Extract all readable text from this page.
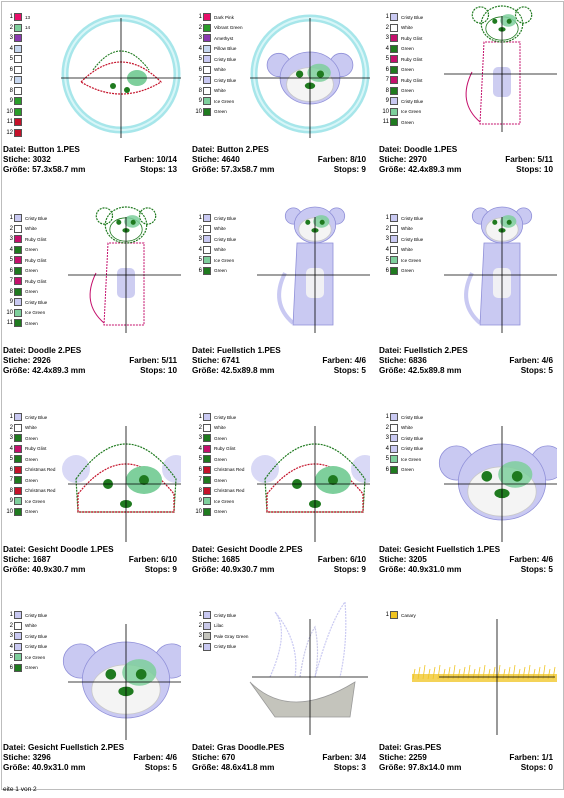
1	13
2	14
3
4
5
6
7
8
9
10
11
12
Datei: Button 1.PES
Stiche: 3032	Farben: 10/14
Größe: 57.3x58.7 mm	Stops: 13
1	Dark Pink
2	Vibrant Green
3	Amethyst
4	Pillow Blue
5	Cristy Blue
6	White
7	Cristy Blue
8	White
9	Ice Green
10	Green
Datei: Button 2.PES
Stiche: 4640	Farben: 8/10
Größe: 57.3x58.7 mm	Stops: 9
1	Cristy Blue
2	White
3	Ruby Glint
4	Green
5	Ruby Glint
6	Green
7	Ruby Glint
8	Green
9	Cristy Blue
10	Ice Green
11	Green
Datei: Doodle 1.PES
Stiche: 2970	Farben: 5/11
Größe: 42.4x89.3 mm	Stops: 10
1	Cristy Blue
2	White
3	Ruby Glint
4	Green
5	Ruby Glint
6	Green
7	Ruby Glint
8	Green
9	Cristy Blue
10	Ice Green
11	Green
Datei: Doodle 2.PES
Stiche: 2926	Farben: 5/11
Größe: 42.4x89.3 mm	Stops: 10
1	Cristy Blue
2	White
3	Cristy Blue
4	White
5	Ice Green
6	Green
Datei: Fuellstich 1.PES
Stiche: 6741	Farben: 4/6
Größe: 42.5x89.8 mm	Stops: 5
1	Cristy Blue
2	White
3	Cristy Blue
4	White
5	Ice Green
6	Green
Datei: Fuellstich 2.PES
Stiche: 6836	Farben: 4/6
Größe: 42.5x89.8 mm	Stops: 5
1	Cristy Blue
2	White
3	Green
4	Ruby Glint
5	Green
6	Christmas Red
7	Green
8	Christmas Red
9	Ice Green
10	Green
Datei: Gesicht Doodle 1.PES
Stiche: 1687	Farben: 6/10
Größe: 40.9x30.7 mm	Stops: 9
1	Cristy Blue
2	White
3	Green
4	Ruby Glint
5	Green
6	Christmas Red
7	Green
8	Christmas Red
9	Ice Green
10	Green
Datei: Gesicht Doodle 2.PES
Stiche: 1685	Farben: 6/10
Größe: 40.9x30.7 mm	Stops: 9
1	Cristy Blue
2	White
3	Cristy Blue
4	Cristy Blue
5	Ice Green
6	Green
Datei: Gesicht Fuellstich 1.PES
Stiche: 3205	Farben: 4/6
Größe: 40.9x31.0 mm	Stops: 5
1	Cristy Blue
2	White
3	Cristy Blue
4	Cristy Blue
5	Ice Green
6	Green
Datei: Gesicht Fuellstich 2.PES
Stiche: 3296	Farben: 4/6
Größe: 40.9x31.0 mm	Stops: 5
1	Cristy Blue
2	Lilac
3	Pale Gray Green
4	Cristy Blue
Datei: Gras Doodle.PES
Stiche: 670	Farben: 3/4
Größe: 48.6x41.8 mm	Stops: 3
1	Canary
Datei: Gras.PES
Stiche: 2259	Farben: 1/1
Größe: 97.8x14.0 mm	Stops: 0
eite 1 von 2
